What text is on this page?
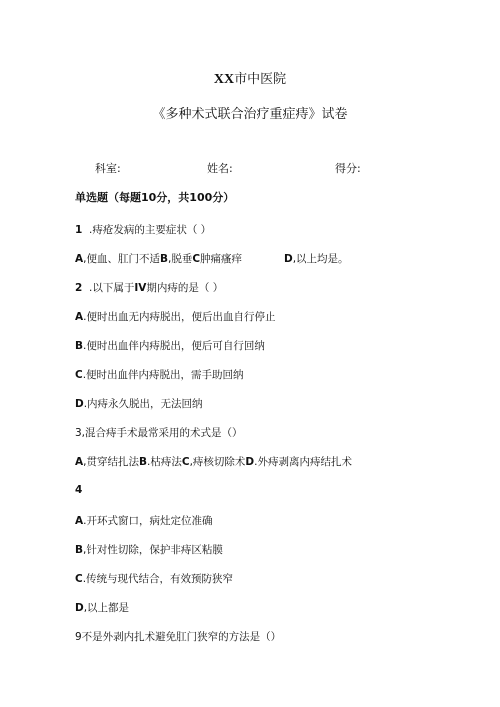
XX市中医院
《多种术式联合治疗重症痔》试卷
科室:	姓名:	得分:
单选题（每题10分，共100分）
1 .痔疮发病的主要症状（ ）
A,便血、肛门不适B,脱垂C肿痛瘙痒	D,以上均是。
2 .以下属于IV期内痔的是（ ）
A.便时出血无内痔脱出，便后出血自行停止
B.便时出血伴内痔脱出，便后可自行回纳
C.便时出血伴内痔脱出，需手助回纳
D.内痔永久脱出，无法回纳
3,混合痔手术最常采用的术式是（）
A,贯穿结扎法B.枯痔法C,痔核切除术D.外痔剥离内痔结扎术
4
A.开环式窗口，病灶定位准确
B,针对性切除，保护非痔区粘膜
C.传统与现代结合，有效预防狭窄
D,以上都是
9不是外剥内扎术避免肛门狭窄的方法是（）
